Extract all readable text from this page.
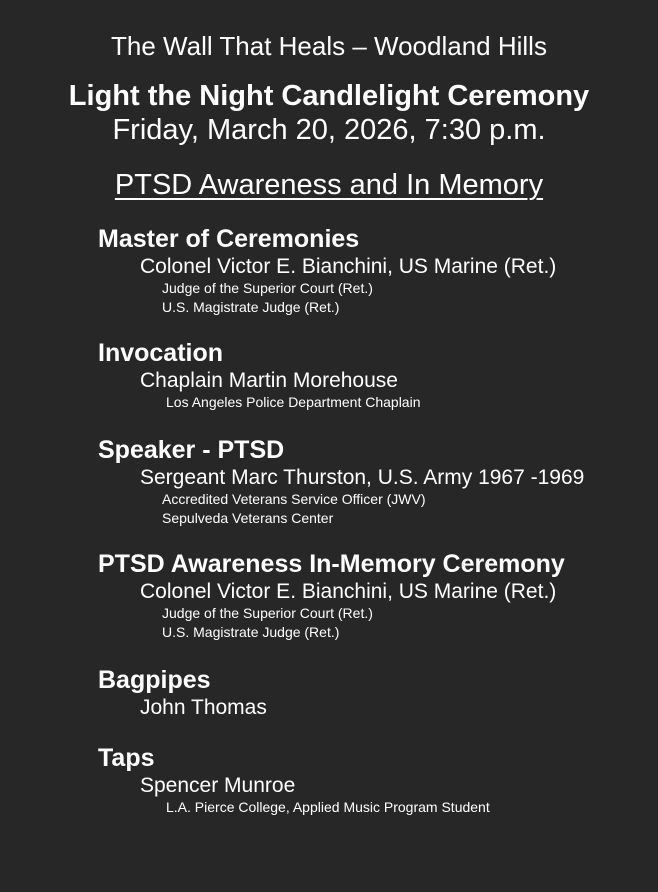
The Wall That Heals – Woodland Hills
Light the Night Candlelight Ceremony
Friday, March 20, 2026, 7:30 p.m.
PTSD Awareness and In Memory
Master of Ceremonies
Colonel Victor E. Bianchini, US Marine (Ret.)
Judge of the Superior Court (Ret.)
U.S. Magistrate Judge (Ret.)
Invocation
Chaplain Martin Morehouse
Los Angeles Police Department Chaplain
Speaker - PTSD
Sergeant Marc Thurston, U.S. Army 1967 -1969
Accredited Veterans Service Officer (JWV)
Sepulveda Veterans Center
PTSD Awareness In-Memory Ceremony
Colonel Victor E. Bianchini, US Marine (Ret.)
Judge of the Superior Court (Ret.)
U.S. Magistrate Judge (Ret.)
Bagpipes
John Thomas
Taps
Spencer Munroe
L.A. Pierce College, Applied Music Program Student
